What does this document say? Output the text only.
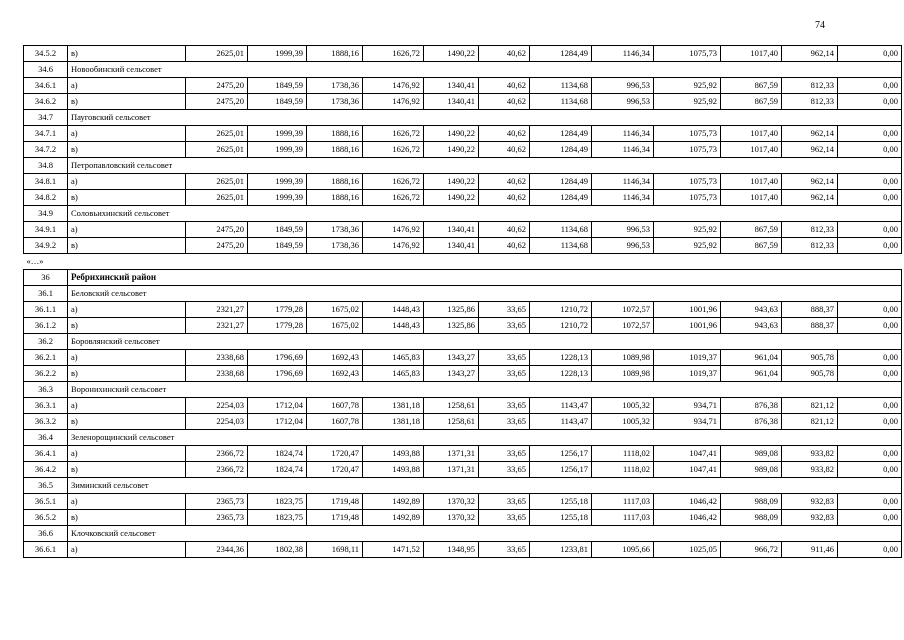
74
34.5.2	в)	2625,01	1999,39	1888,16	1626,72	1490,22	40,62	1284,49	1146,34	1075,73	1017,40	962,14	0,00
34.6	Новообинский сельсовет												
34.6.1	а)	2475,20	1849,59	1738,36	1476,92	1340,41	40,62	1134,68	996,53	925,92	867,59	812,33	0,00
34.6.2	в)	2475,20	1849,59	1738,36	1476,92	1340,41	40,62	1134,68	996,53	925,92	867,59	812,33	0,00
34.7	Пауговский сельсовет												
34.7.1	а)	2625,01	1999,39	1888,16	1626,72	1490,22	40,62	1284,49	1146,34	1075,73	1017,40	962,14	0,00
34.7.2	в)	2625,01	1999,39	1888,16	1626,72	1490,22	40,62	1284,49	1146,34	1075,73	1017,40	962,14	0,00
34.8	Петропавловский сельсовет												
34.8.1	а)	2625,01	1999,39	1888,16	1626,72	1490,22	40,62	1284,49	1146,34	1075,73	1017,40	962,14	0,00
34.8.2	в)	2625,01	1999,39	1888,16	1626,72	1490,22	40,62	1284,49	1146,34	1075,73	1017,40	962,14	0,00
34.9	Соловьихинский сельсовет												
34.9.1	а)	2475,20	1849,59	1738,36	1476,92	1340,41	40,62	1134,68	996,53	925,92	867,59	812,33	0,00
34.9.2	в)	2475,20	1849,59	1738,36	1476,92	1340,41	40,62	1134,68	996,53	925,92	867,59	812,33	0,00
«…»													
36	Ребрихинский район												
36.1	Беловский сельсовет												
36.1.1	а)	2321,27	1779,28	1675,02	1448,43	1325,86	33,65	1210,72	1072,57	1001,96	943,63	888,37	0,00
36.1.2	в)	2321,27	1779,28	1675,02	1448,43	1325,86	33,65	1210,72	1072,57	1001,96	943,63	888,37	0,00
36.2	Боровлянский сельсовет												
36.2.1	а)	2338,68	1796,69	1692,43	1465,83	1343,27	33,65	1228,13	1089,98	1019,37	961,04	905,78	0,00
36.2.2	в)	2338,68	1796,69	1692,43	1465,83	1343,27	33,65	1228,13	1089,98	1019,37	961,04	905,78	0,00
36.3	Воронихинский сельсовет												
36.3.1	а)	2254,03	1712,04	1607,78	1381,18	1258,61	33,65	1143,47	1005,32	934,71	876,38	821,12	0,00
36.3.2	в)	2254,03	1712,04	1607,78	1381,18	1258,61	33,65	1143,47	1005,32	934,71	876,38	821,12	0,00
36.4	Зеленорощинский сельсовет												
36.4.1	а)	2366,72	1824,74	1720,47	1493,88	1371,31	33,65	1256,17	1118,02	1047,41	989,08	933,82	0,00
36.4.2	в)	2366,72	1824,74	1720,47	1493,88	1371,31	33,65	1256,17	1118,02	1047,41	989,08	933,82	0,00
36.5	Зиминский сельсовет												
36.5.1	а)	2365,73	1823,75	1719,48	1492,89	1370,32	33,65	1255,18	1117,03	1046,42	988,09	932,83	0,00
36.5.2	в)	2365,73	1823,75	1719,48	1492,89	1370,32	33,65	1255,18	1117,03	1046,42	988,09	932,83	0,00
36.6	Клочковский сельсовет												
36.6.1	а)	2344,36	1802,38	1698,11	1471,52	1348,95	33,65	1233,81	1095,66	1025,05	966,72	911,46	0,00
